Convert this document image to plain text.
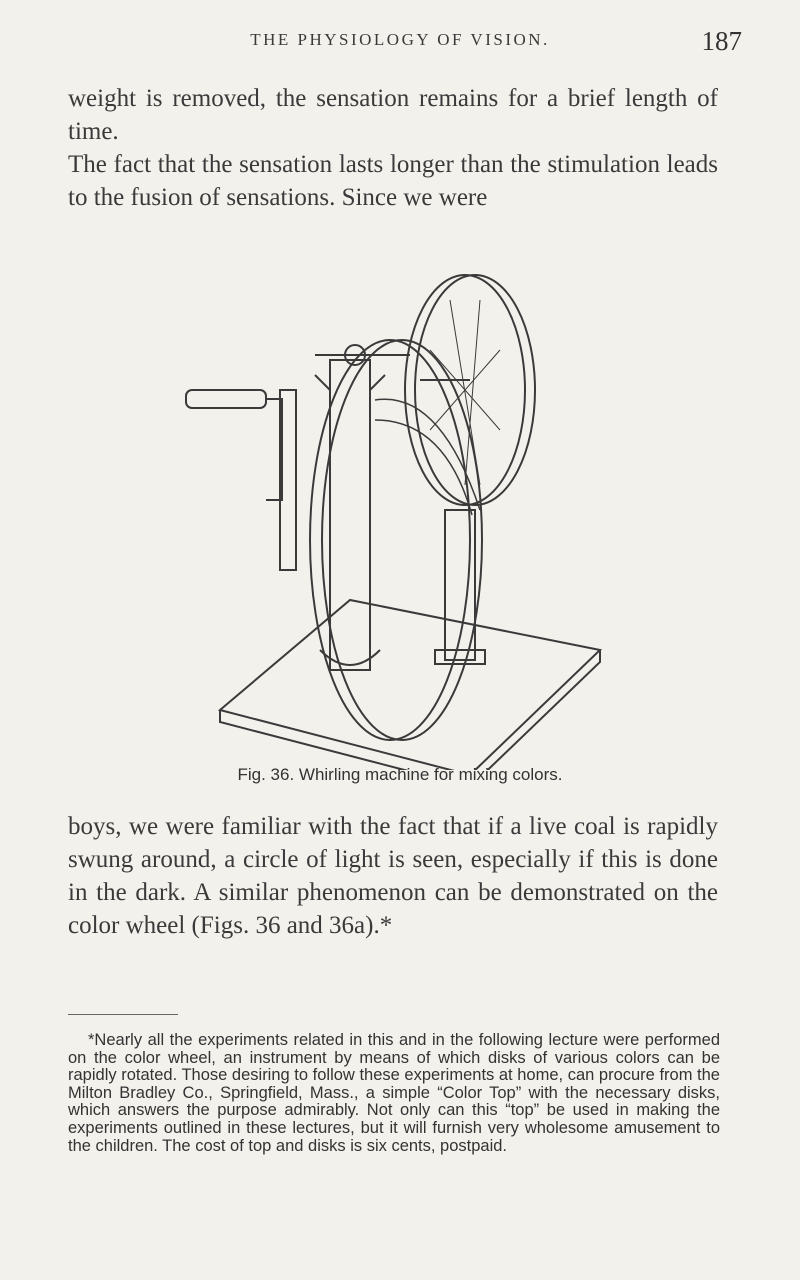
THE PHYSIOLOGY OF VISION.	187

weight is removed, the sensation remains for a brief length of time.

The fact that the sensation lasts longer than the stimulation leads to the fusion of sensations. Since we were

Fig. 36. Whirling machine for mixing colors.

boys, we were familiar with the fact that if a live coal is rapidly swung around, a circle of light is seen, especially if this is done in the dark. A similar phenomenon can be demonstrated on the color wheel (Figs. 36 and 36a).*

*Nearly all the experiments related in this and in the following lecture were performed on the color wheel, an instrument by means of which disks of various colors can be rapidly rotated. Those desiring to follow these experiments at home, can procure from the Milton Bradley Co., Springfield, Mass., a simple “Color Top” with the necessary disks, which answers the purpose admirably. Not only can this “top” be used in making the experiments outlined in these lectures, but it will furnish very wholesome amusement to the children. The cost of top and disks is six cents, postpaid.
